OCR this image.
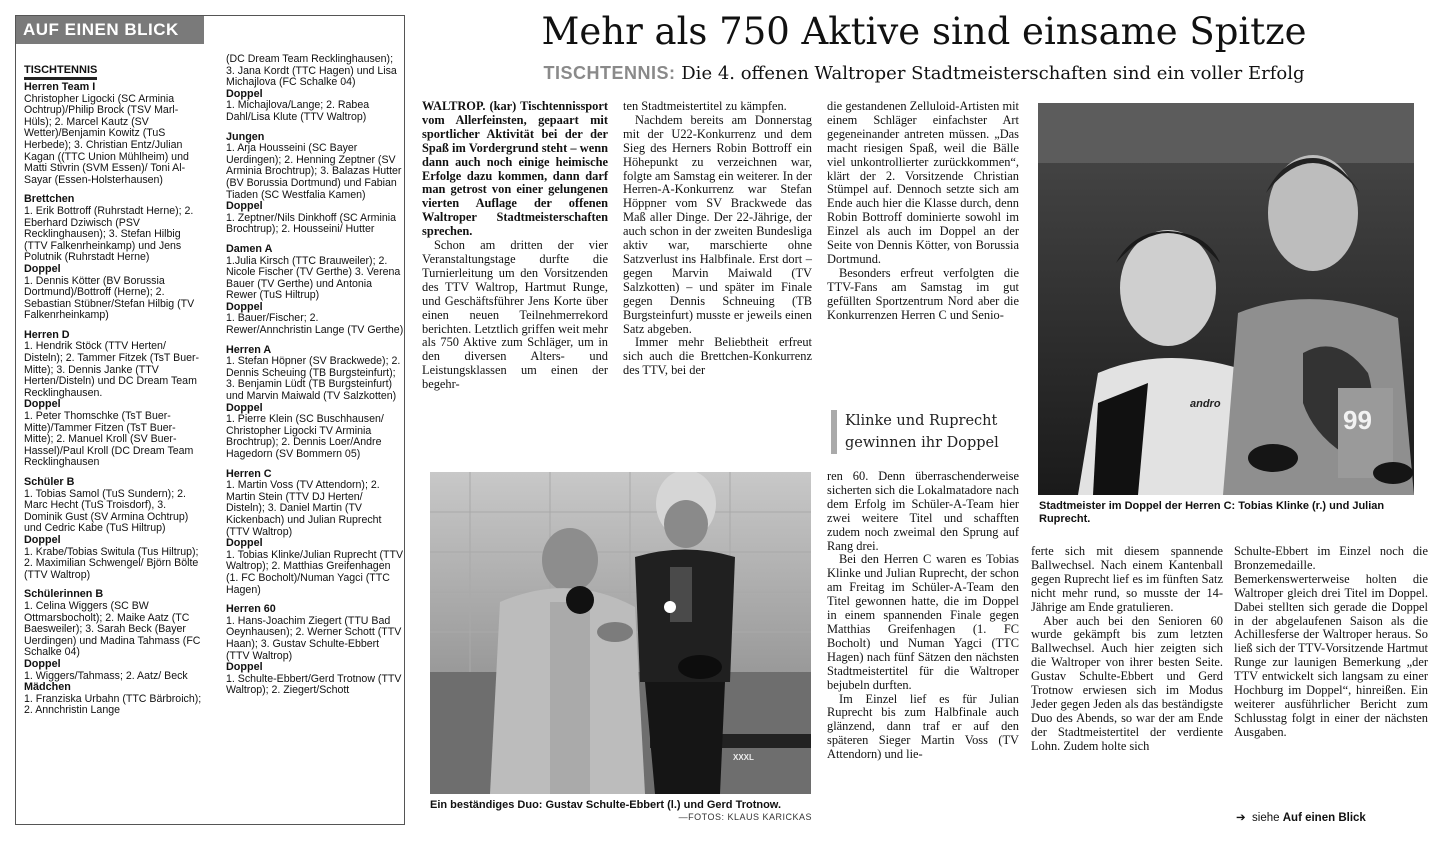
AUF EINEN BLICK
TISCHTENNIS
Herren Team I

Christopher Ligocki (SC Arminia Ochtrup)/Philip Brock (TSV Marl-Hüls); 2. Marcel Kautz (SV Wetter)/Benjamin Kowitz (TuS Herbede); 3. Christian Entz/Julian Kagan ((TTC Union Mühlheim) und Matti Stivrin (SVM Essen)/ Toni Al-Sayar (Essen-Holsterhausen)

Brettchen

1. Erik Bottroff (Ruhrstadt Herne); 2. Eberhard Dziwisch (PSV Recklinghausen); 3. Stefan Hilbig (TTV Falkenrheinkamp) und Jens Polutnik (Ruhrstadt Herne)

Doppel

1. Dennis Kötter (BV Borussia Dortmund)/Bottroff (Herne); 2. Sebastian Stübner/Stefan Hilbig (TV Falkenrheinkamp)

Herren D

1. Hendrik Stöck (TTV Herten/ Disteln); 2. Tammer Fitzek (TsT Buer-Mitte); 3. Dennis Janke (TTV Herten/Disteln) und DC Dream Team Recklinghausen.

Doppel

1. Peter Thomschke (TsT Buer-Mitte)/Tammer Fitzen (TsT Buer-Mitte); 2. Manuel Kroll (SV Buer-Hassel)/Paul Kroll (DC Dream Team Recklinghausen

Schüler B

1. Tobias Samol (TuS Sundern); 2. Marc Hecht (TuS Troisdorf), 3. Dominik Gust (SV Armina Ochtrup) und Cedric Kabe (TuS Hiltrup)

Doppel

1. Krabe/Tobias Switula (Tus Hiltrup); 2. Maximilian Schwengel/ Björn Bölte (TTV Waltrop)

Schülerinnen B

1. Celina Wiggers (SC BW Ottmarsbocholt); 2. Maike Aatz (TC Baesweiler); 3. Sarah Beck (Bayer Uerdingen) und Madina Tahmass (FC Schalke 04)

Doppel

1. Wiggers/Tahmass; 2. Aatz/ Beck

Mädchen

1. Franziska Urbahn (TTC Bärbroich); 2. Annchristin Lange

(DC Dream Team Recklinghausen); 3. Jana Kordt (TTC Hagen) und Lisa Michajlova (FC Schalke 04)

Doppel

1. Michajlova/Lange; 2. Rabea Dahl/Lisa Klute (TTV Waltrop)

Jungen

1. Arja Housseini (SC Bayer Uerdingen); 2. Henning Zeptner (SV Arminia Brochtrup); 3. Balazas Hutter (BV Borussia Dortmund) und Fabian Tiaden (SC Westfalia Kamen)

Doppel

1. Zeptner/Nils Dinkhoff (SC Arminia Brochtrup); 2. Housseini/ Hutter

Damen A

1.Julia Kirsch (TTC Brauweiler); 2. Nicole Fischer (TV Gerthe) 3. Verena Bauer (TV Gerthe) und Antonia Rewer (TuS Hiltrup)

Doppel

1. Bauer/Fischer; 2. Rewer/Annchristin Lange (TV Gerthe)

Herren A

1. Stefan Höpner (SV Brackwede); 2. Dennis Scheuing (TB Burgsteinfurt); 3. Benjamin Lüdt (TB Burgsteinfurt) und Marvin Maiwald (TV Salzkotten)

Doppel

1. Pierre Klein (SC Buschhausen/ Christopher Ligocki TV Arminia Brochtrup); 2. Dennis Loer/Andre Hagedorn (SV Bommern 05)

Herren C

1. Martin Voss (TV Attendorn); 2. Martin Stein (TTV DJ Herten/ Disteln); 3. Daniel Martin (TV Kickenbach) und Julian Ruprecht (TTV Waltrop)

Doppel

1. Tobias Klinke/Julian Ruprecht (TTV Waltrop); 2. Matthias Greifenhagen (1. FC Bocholt)/Numan Yagci (TTC Hagen)

Herren 60

1. Hans-Joachim Ziegert (TTU Bad Oeynhausen); 2. Werner Schott (TTV Haan); 3. Gustav Schulte-Ebbert (TTV Waltrop)

Doppel

1. Schulte-Ebbert/Gerd Trotnow (TTV Waltrop); 2. Ziegert/Schott

Mehr als 750 Aktive sind einsame Spitze
TISCHTENNIS: Die 4. offenen Waltroper Stadtmeisterschaften sind ein voller Erfolg

WALTROP. (kar) Tischtennissport vom Allerfeinsten, gepaart mit sportlicher Aktivität bei der der Spaß im Vordergrund steht – wenn dann auch noch einige heimische Erfolge dazu kommen, dann darf man getrost von einer gelungenen vierten Auflage der offenen Waltroper Stadtmeisterschaften sprechen.

Schon am dritten der vier Veranstaltungstage durfte die Turnierleitung um den Vorsitzenden des TTV Waltrop, Hartmut Runge, und Geschäftsführer Jens Korte über einen neuen Teilnehmerrekord berichten. Letztlich griffen weit mehr als 750 Aktive zum Schläger, um in den diversen Alters- und Leistungsklassen um einen der begehr-

ten Stadtmeistertitel zu kämpfen.

Nachdem bereits am Donnerstag mit der U22-Konkurrenz und dem Sieg des Herners Robin Bottroff ein Höhepunkt zu verzeichnen war, folgte am Samstag ein weiterer. In der Herren-A-Konkurrenz war Stefan Höppner vom SV Brackwede das Maß aller Dinge. Der 22-Jährige, der auch schon in der zweiten Bundesliga aktiv war, marschierte ohne Satzverlust ins Halbfinale. Erst dort – gegen Marvin Maiwald (TV Salzkotten) – und später im Finale gegen Dennis Schneuing (TB Burgsteinfurt) musste er jeweils einen Satz abgeben.

Immer mehr Beliebtheit erfreut sich auch die Brettchen-Konkurrenz des TTV, bei der

die gestandenen Zelluloid-Artisten mit einem Schläger einfachster Art gegeneinander antreten müssen. „Das macht riesigen Spaß, weil die Bälle viel unkontrollierter zurückkommen“, klärt der 2. Vorsitzende Christian Stümpel auf. Dennoch setzte sich am Ende auch hier die Klasse durch, denn Robin Bottroff dominierte sowohl im Einzel als auch im Doppel an der Seite von Dennis Kötter, von Borussia Dortmund.

Besonders erfreut verfolgten die TTV-Fans am Samstag im gut gefüllten Sportzentrum Nord aber die Konkurrenzen Herren C und Senio-

Klinke und Ruprecht gewinnen ihr Doppel

ren 60. Denn überraschenderweise sicherten sich die Lokalmatadore nach dem Erfolg im Schüler-A-Team hier zwei weitere Titel und schafften zudem noch zweimal den Sprung auf Rang drei.

Bei den Herren C waren es Tobias Klinke und Julian Ruprecht, der schon am Freitag im Schüler-A-Team den Titel gewonnen hatte, die im Doppel in einem spannenden Finale gegen Matthias Greifenhagen (1. FC Bocholt) und Numan Yagci (TTC Hagen) nach fünf Sätzen den nächsten Stadtmeistertitel für die Waltroper bejubeln durften.

Im Einzel lief es für Julian Ruprecht bis zum Halbfinale auch glänzend, dann traf er auf den späteren Sieger Martin Voss (TV Attendorn) und lie-

ferte sich mit diesem spannende Ballwechsel. Nach einem Kantenball gegen Ruprecht lief es im fünften Satz nicht mehr rund, so musste der 14-Jährige am Ende gratulieren.

Aber auch bei den Senioren 60 wurde gekämpft bis zum letzten Ballwechsel. Auch hier zeigten sich die Waltroper von ihrer besten Seite. Gustav Schulte-Ebbert und Gerd Trotnow erwiesen sich im Modus Jeder gegen Jeden als das beständigste Duo des Abends, so war der am Ende der Stadtmeistertitel der verdiente Lohn. Zudem holte sich

Schulte-Ebbert im Einzel noch die Bronzemedaille. Bemerkenswerterweise holten die Waltroper gleich drei Titel im Doppel. Dabei stellten sich gerade die Doppel in der abgelaufenen Saison als die Achillesferse der Waltroper heraus. So ließ sich der TTV-Vorsitzende Hartmut Runge zur launigen Bemerkung „der TTV entwickelt sich langsam zu einer Hochburg im Doppel“, hinreißen. Ein weiterer ausführlicher Bericht zum Schlusstag folgt in einer der nächsten Ausgaben.

➔ siehe Auf einen Blick
XXXL
Ein beständiges Duo: Gustav Schulte-Ebbert (l.) und Gerd Trotnow.
—FOTOS: KLAUS KARICKAS
andro
99
Stadtmeister im Doppel der Herren C: Tobias Klinke (r.) und Julian Ruprecht.
